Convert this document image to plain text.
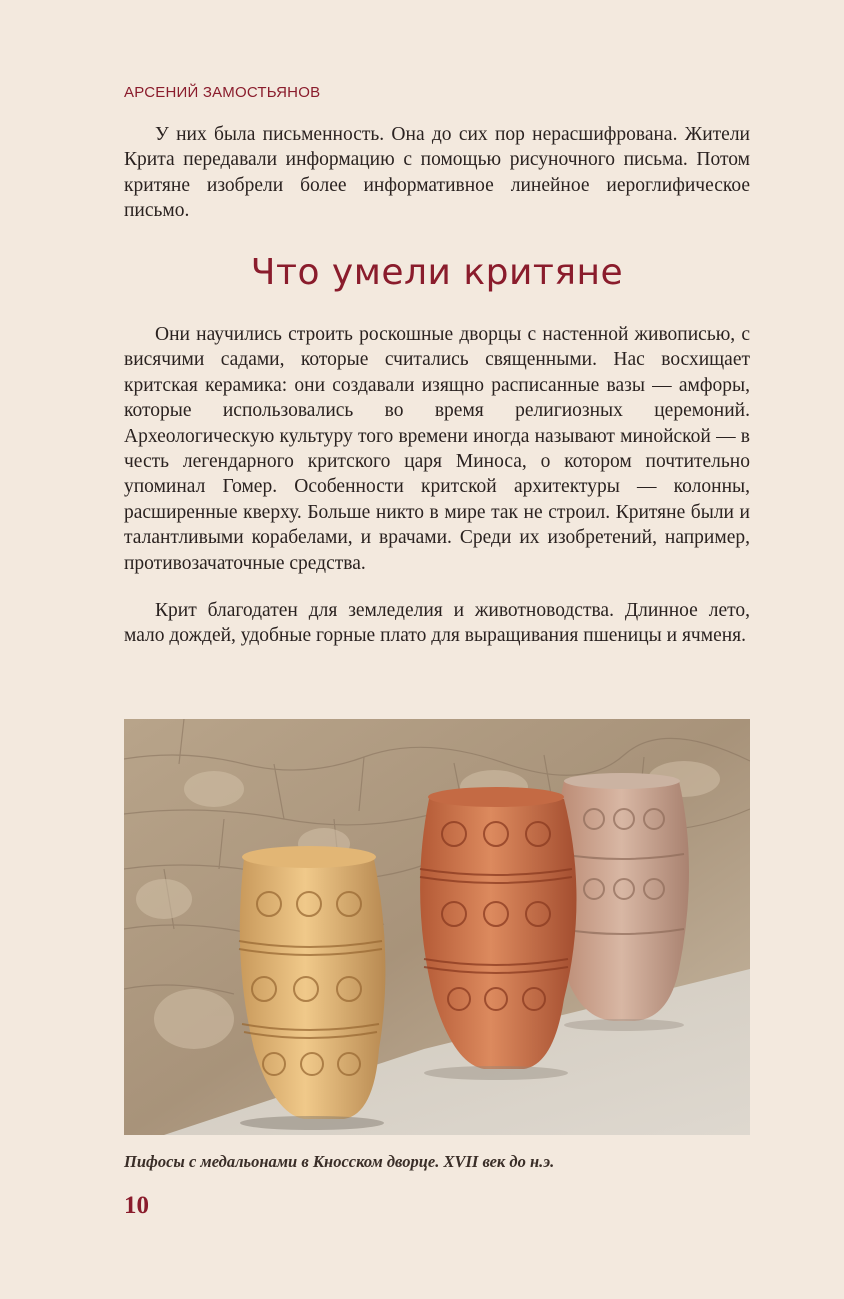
АРСЕНИЙ ЗАМОСТЬЯНОВ

У них была письменность. Она до сих пор нерасшифрована. Жители Крита передавали информацию с помощью рисуночного письма. Потом критяне изобрели более информативное линейное иероглифическое письмо.

Что умели критяне

Они научились строить роскошные дворцы с настенной живописью, с висячими садами, которые считались священными. Нас восхищает критская керамика: они создавали изящно расписанные вазы — амфоры, которые использовались во время религиозных церемоний. Археологическую культуру того времени иногда называют минойской — в честь легендарного критского царя Миноса, о котором почтительно упоминал Гомер. Особенности критской архитектуры — колонны, расширенные кверху. Больше никто в мире так не строил. Критяне были и талантливыми корабелами, и врачами. Среди их изобретений, например, противозачаточные средства.

Крит благодатен для земледелия и животноводства. Длинное лето, мало дождей, удобные горные плато для выращивания пшеницы и ячменя.

Пифосы с медальонами в Кносском дворце. XVII век до н.э.
10
